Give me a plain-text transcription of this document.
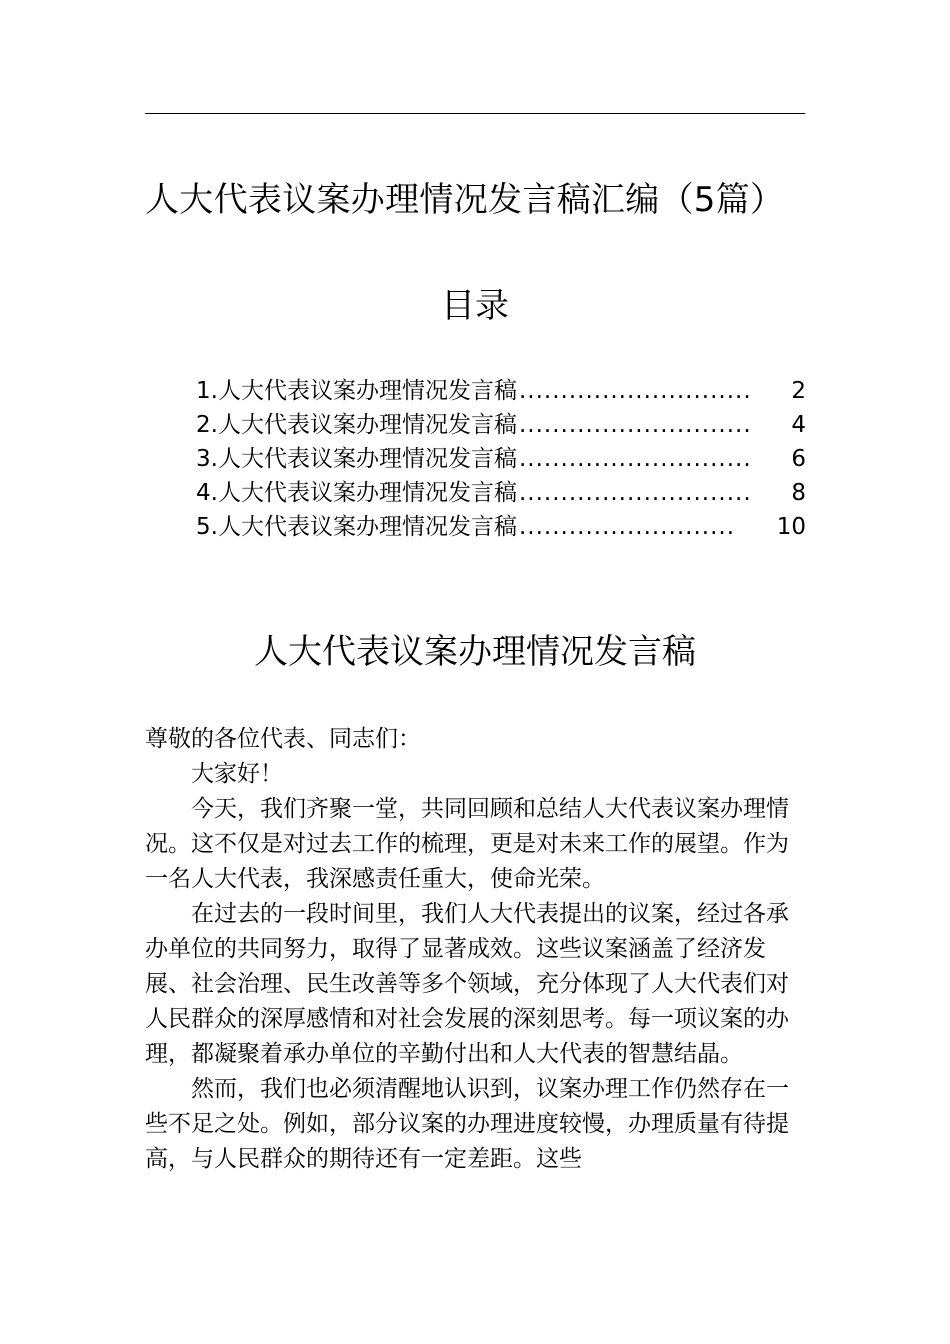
人大代表议案办理情况发言稿汇编（5篇）
目录
1. 人大代表议案办理情况发言稿 ............................	2
2. 人大代表议案办理情况发言稿 ............................	4
3. 人大代表议案办理情况发言稿 ............................	6
4. 人大代表议案办理情况发言稿 ............................	8
5. 人大代表议案办理情况发言稿 ..........................	10
人大代表议案办理情况发言稿

尊敬的各位代表、同志们：

大家好！

今天，我们齐聚一堂，共同回顾和总结人大代表议案办理情况。这不仅是对过去工作的梳理，更是对未来工作的展望。作为一名人大代表，我深感责任重大，使命光荣。

在过去的一段时间里，我们人大代表提出的议案，经过各承办单位的共同努力，取得了显著成效。这些议案涵盖了经济发展、社会治理、民生改善等多个领域，充分体现了人大代表们对人民群众的深厚感情和对社会发展的深刻思考。每一项议案的办理，都凝聚着承办单位的辛勤付出和人大代表的智慧结晶。

然而，我们也必须清醒地认识到，议案办理工作仍然存在一些不足之处。例如，部分议案的办理进度较慢，办理质量有待提高，与人民群众的期待还有一定差距。这些
